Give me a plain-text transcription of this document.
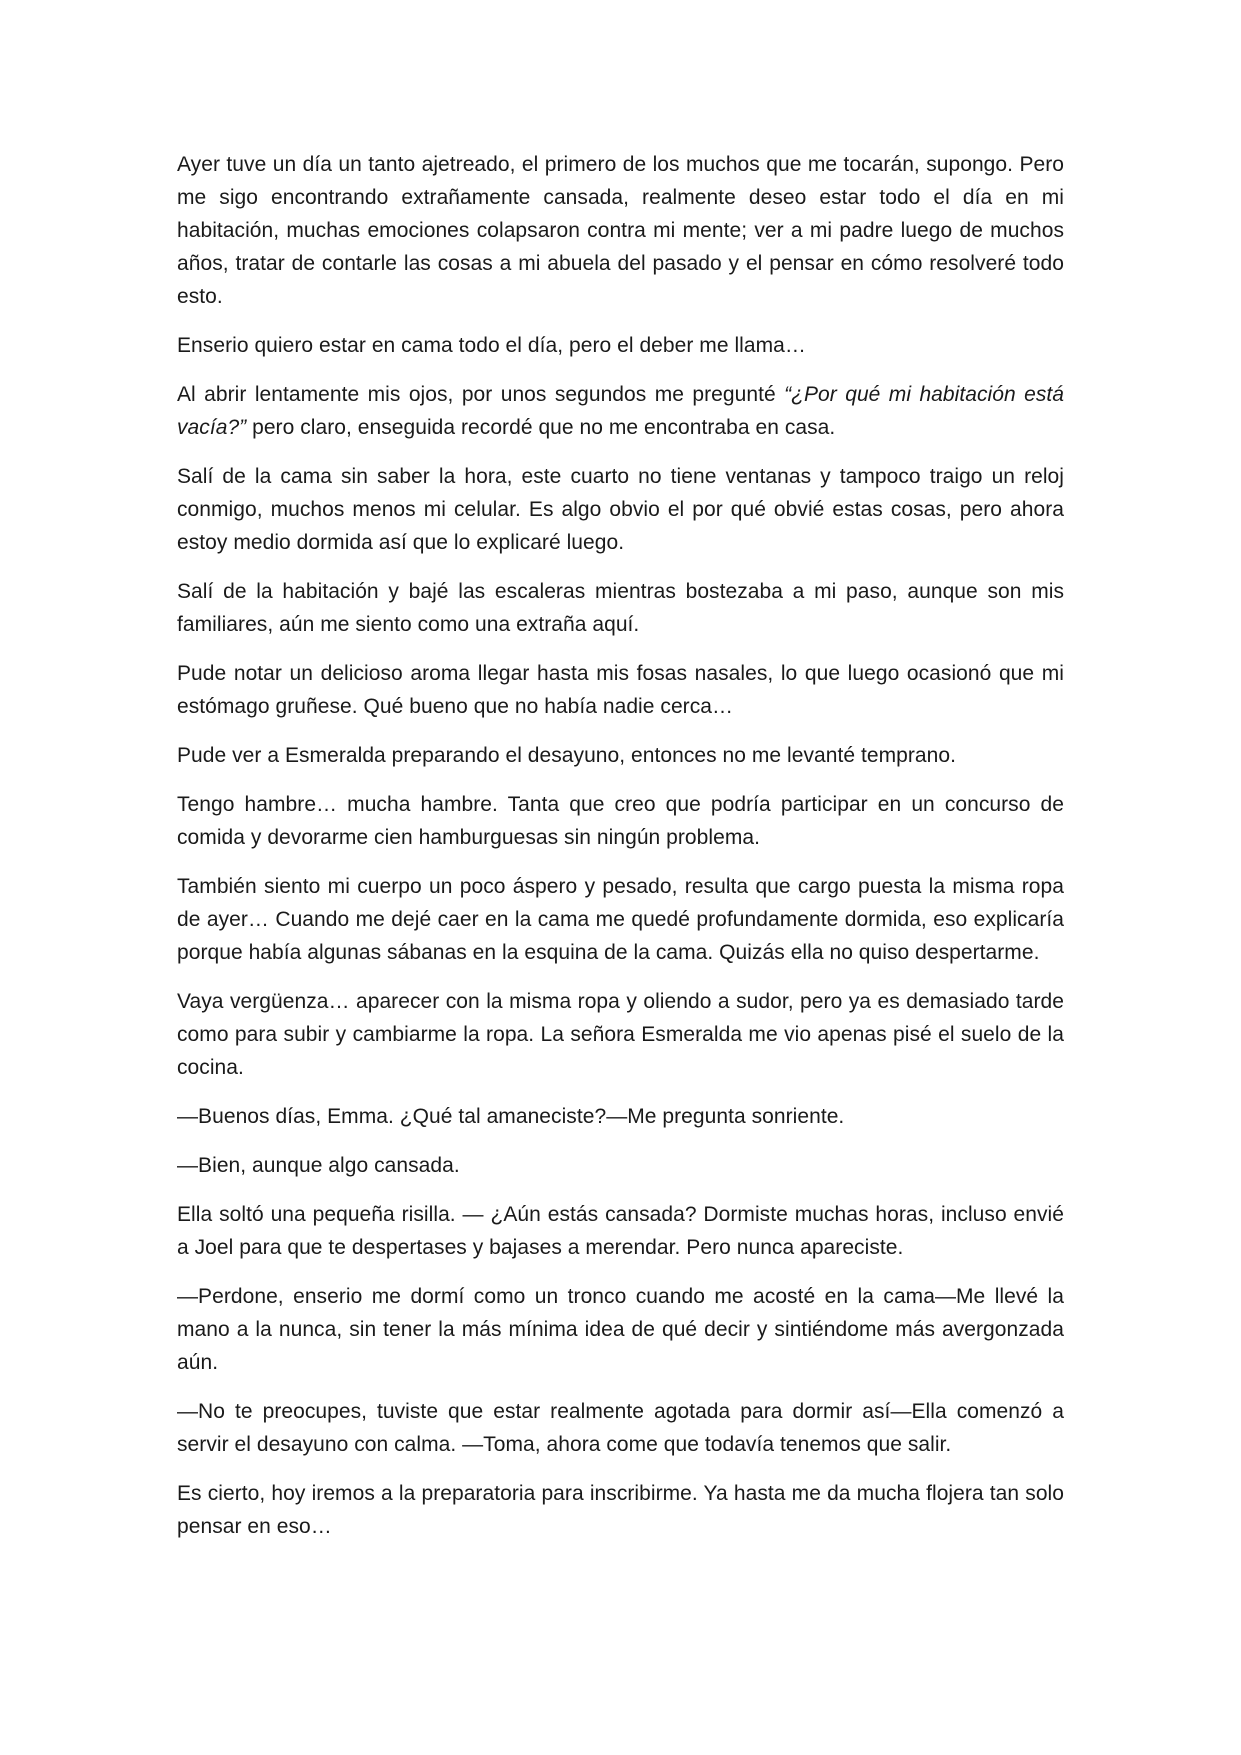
Ayer tuve un día un tanto ajetreado, el primero de los muchos que me tocarán, supongo. Pero me sigo encontrando extrañamente cansada, realmente deseo estar todo el día en mi habitación, muchas emociones colapsaron contra mi mente; ver a mi padre luego de muchos años, tratar de contarle las cosas a mi abuela del pasado y el pensar en cómo resolveré todo esto.

Enserio quiero estar en cama todo el día, pero el deber me llama…

Al abrir lentamente mis ojos, por unos segundos me pregunté “¿Por qué mi habitación está vacía?” pero claro, enseguida recordé que no me encontraba en casa.

Salí de la cama sin saber la hora, este cuarto no tiene ventanas y tampoco traigo un reloj conmigo, muchos menos mi celular. Es algo obvio el por qué obvié estas cosas, pero ahora estoy medio dormida así que lo explicaré luego.

Salí de la habitación y bajé las escaleras mientras bostezaba a mi paso, aunque son mis familiares, aún me siento como una extraña aquí.

Pude notar un delicioso aroma llegar hasta mis fosas nasales, lo que luego ocasionó que mi estómago gruñese. Qué bueno que no había nadie cerca…

Pude ver a Esmeralda preparando el desayuno, entonces no me levanté temprano.

Tengo hambre… mucha hambre. Tanta que creo que podría participar en un concurso de comida y devorarme cien hamburguesas sin ningún problema.

También siento mi cuerpo un poco áspero y pesado, resulta que cargo puesta la misma ropa de ayer… Cuando me dejé caer en la cama me quedé profundamente dormida, eso explicaría porque había algunas sábanas en la esquina de la cama. Quizás ella no quiso despertarme.

Vaya vergüenza… aparecer con la misma ropa y oliendo a sudor, pero ya es demasiado tarde como para subir y cambiarme la ropa. La señora Esmeralda me vio apenas pisé el suelo de la cocina.

—Buenos días, Emma. ¿Qué tal amaneciste?—Me pregunta sonriente.

—Bien, aunque algo cansada.

Ella soltó una pequeña risilla. — ¿Aún estás cansada? Dormiste muchas horas, incluso envié a Joel para que te despertases y bajases a merendar. Pero nunca apareciste.

—Perdone, enserio me dormí como un tronco cuando me acosté en la cama—Me llevé la mano a la nunca, sin tener la más mínima idea de qué decir y sintiéndome más avergonzada aún.

—No te preocupes, tuviste que estar realmente agotada para dormir así—Ella comenzó a servir el desayuno con calma. —Toma, ahora come que todavía tenemos que salir.

Es cierto, hoy iremos a la preparatoria para inscribirme. Ya hasta me da mucha flojera tan solo pensar en eso…
